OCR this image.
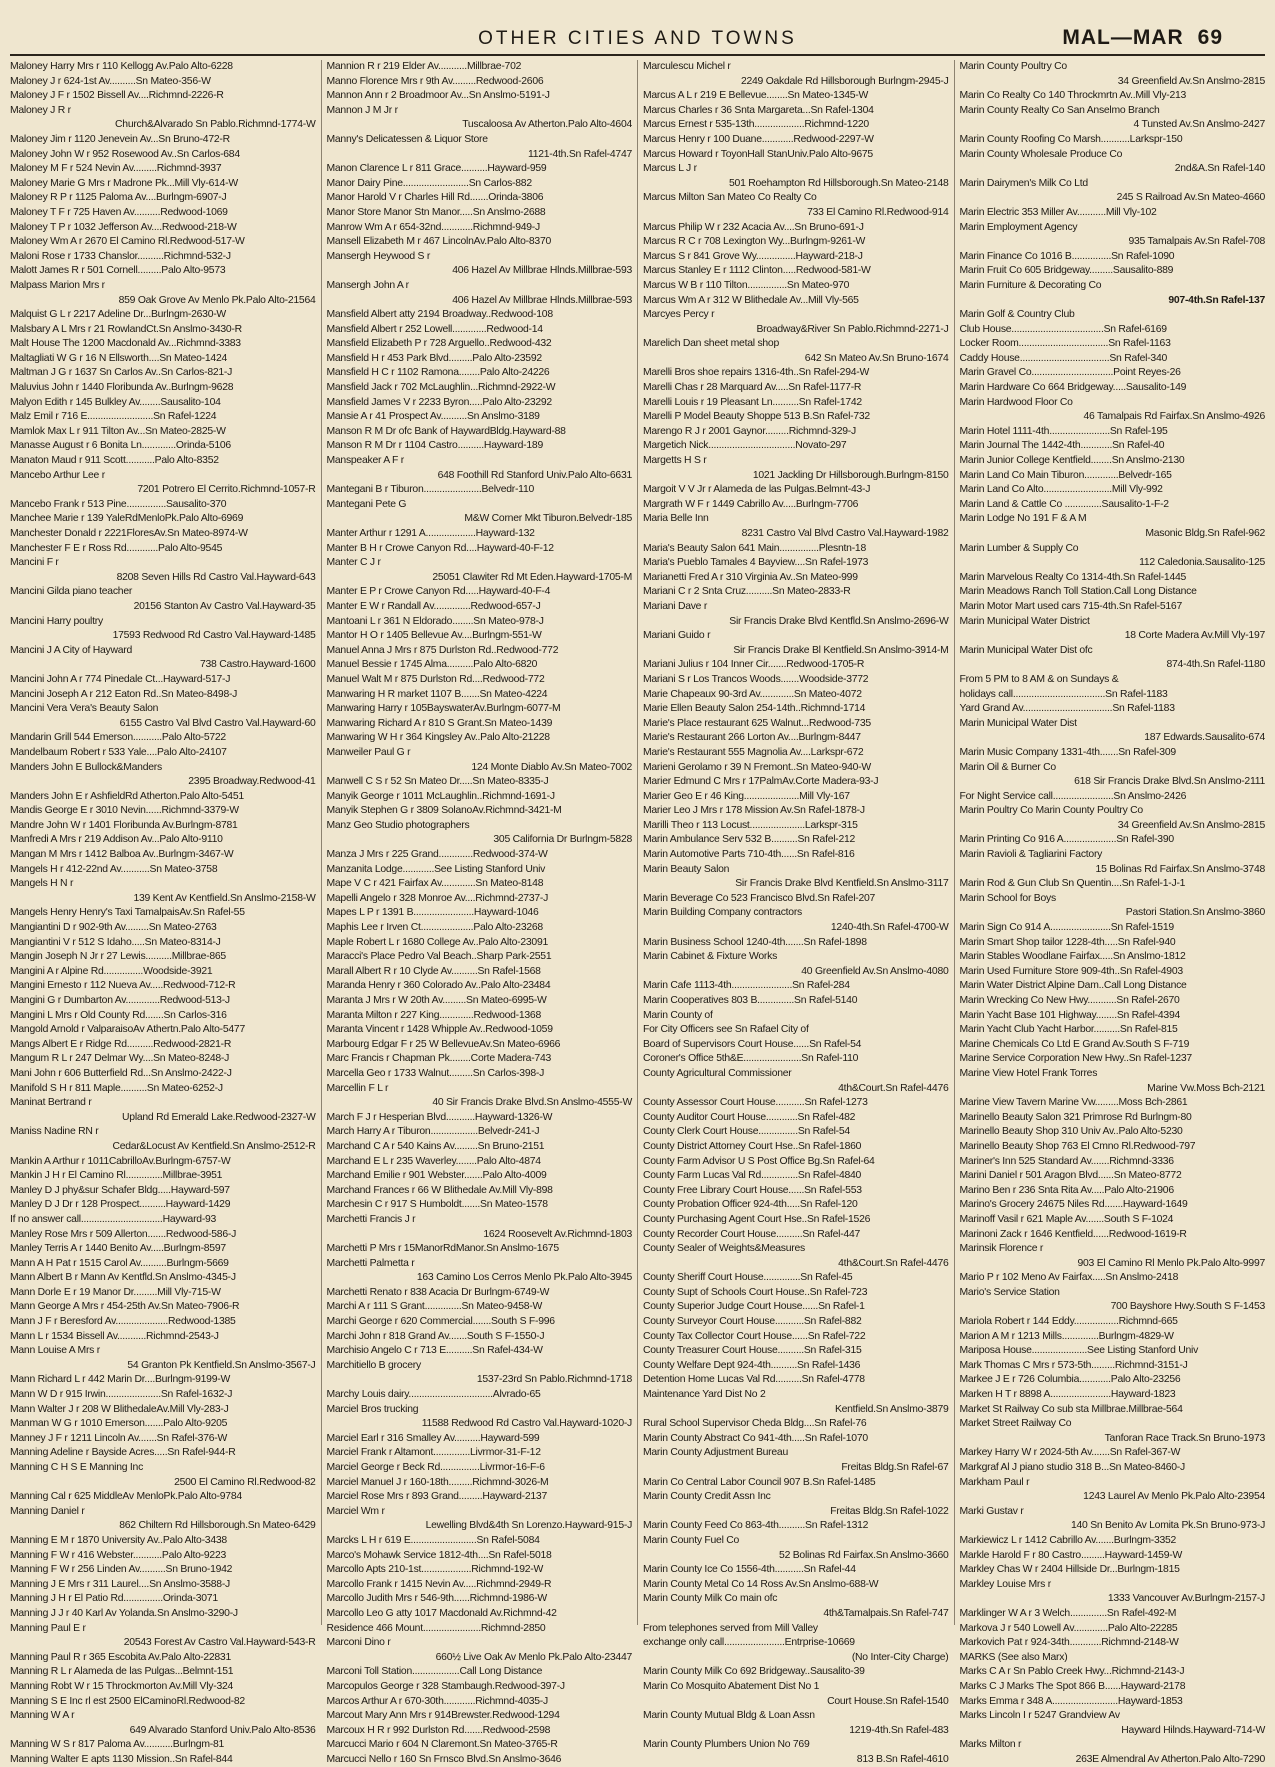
OTHER CITIES AND TOWNS	MAL—MAR 69
Maloney Harry Mrs r 110 Kellogg Av.Palo Alto-6228
Maloney J r 624-1st Av..........Sn Mateo-356-W
Maloney J F r 1502 Bissell Av....Richmnd-2226-R
Maloney J R r
Church&Alvarado Sn Pablo.Richmnd-1774-W
Maloney Jim r 1120 Jenevein Av...Sn Bruno-472-R
Maloney John W r 952 Rosewood Av..Sn Carlos-684
Maloney M F r 524 Nevin Av.........Richmnd-3937
Maloney Marie G Mrs r Madrone Pk...Mill Vly-614-W
Maloney R P r 1125 Paloma Av....Burlngm-6907-J
Maloney T F r 725 Haven Av..........Redwood-1069
Maloney T P r 1032 Jefferson Av....Redwood-218-W
Maloney Wm A r 2670 El Camino Rl.Redwood-517-W
Maloni Rose r 1733 Chanslor..........Richmnd-532-J
Malott James R r 501 Cornell.........Palo Alto-9573
Malpass Marion Mrs r
859 Oak Grove Av Menlo Pk.Palo Alto-21564
Malquist G L r 2217 Adeline Dr...Burlngm-2630-W
Malsbary A L Mrs r 21 RowlandCt.Sn Anslmo-3430-R
Malt House The 1200 Macdonald Av...Richmnd-3383
Maltagliati W G r 16 N Ellsworth....Sn Mateo-1424
Maltman J G r 1637 Sn Carlos Av..Sn Carlos-821-J
Maluvius John r 1440 Floribunda Av..Burlngm-9628
Malyon Edith r 145 Bulkley Av........Sausalito-104
Malz Emil r 716 E.........................Sn Rafel-1224
Mamlok Max L r 911 Tilton Av...Sn Mateo-2825-W
Manasse August r 6 Bonita Ln.............Orinda-5106
Manaton Maud r 911 Scott...........Palo Alto-8352
Mancebo Arthur Lee r
7201 Potrero El Cerrito.Richmnd-1057-R
Mancebo Frank r 513 Pine...............Sausalito-370
Manchee Marie r 139 YaleRdMenloPk.Palo Alto-6969
Manchester Donald r 2221FloresAv.Sn Mateo-8974-W
Manchester F E r Ross Rd............Palo Alto-9545
Mancini F r
8208 Seven Hills Rd Castro Val.Hayward-643
Mancini Gilda piano teacher
20156 Stanton Av Castro Val.Hayward-35
Mancini Harry poultry
17593 Redwood Rd Castro Val.Hayward-1485
Mancini J A City of Hayward
738 Castro.Hayward-1600
Mancini John A r 774 Pinedale Ct...Hayward-517-J
Mancini Joseph A r 212 Eaton Rd..Sn Mateo-8498-J
Mancini Vera Vera's Beauty Salon
6155 Castro Val Blvd Castro Val.Hayward-60
Mandarin Grill 544 Emerson...........Palo Alto-5722
Mandelbaum Robert r 533 Yale....Palo Alto-24107
Manders John E Bullock&Manders
2395 Broadway.Redwood-41
Manders John E r AshfieldRd Atherton.Palo Alto-5451
Mandis George E r 3010 Nevin......Richmnd-3379-W
Mandre John W r 1401 Floribunda Av.Burlngm-8781
Manfredi A Mrs r 219 Addison Av...Palo Alto-9110
Mangan M Mrs r 1412 Balboa Av..Burlngm-3467-W
Mangels H r 412-22nd Av...........Sn Mateo-3758
Mangels H N r
139 Kent Av Kentfield.Sn Anslmo-2158-W
Mangels Henry Henry's Taxi TamalpaisAv.Sn Rafel-55
Mangiantini D r 902-9th Av.........Sn Mateo-2763
Mangiantini V r 512 S Idaho.....Sn Mateo-8314-J
Mangin Joseph N Jr r 27 Lewis..........Millbrae-865
Mangini A r Alpine Rd...............Woodside-3921
Mangini Ernesto r 112 Nueva Av.....Redwood-712-R
Mangini G r Dumbarton Av.............Redwood-513-J
Mangini L Mrs r Old County Rd.......Sn Carlos-316
Mangold Arnold r ValparaisoAv Athertn.Palo Alto-5477
Mangs Albert E r Ridge Rd..........Redwood-2821-R
Mangum R L r 247 Delmar Wy....Sn Mateo-8248-J
Mani John r 606 Butterfield Rd...Sn Anslmo-2422-J
Manifold S H r 811 Maple..........Sn Mateo-6252-J
Maninat Bertrand r
Upland Rd Emerald Lake.Redwood-2327-W
Maniss Nadine RN r
Cedar&Locust Av Kentfield.Sn Anslmo-2512-R
Mankin A Arthur r 1011CabrilloAv.Burlngm-6757-W
Mankin J H r El Camino Rl..............Millbrae-3951
Manley D J phy&sur Schafer Bldg.....Hayward-597
Manley D J Dr r 128 Prospect..........Hayward-1429
If no answer call...............................Hayward-93
Manley Rose Mrs r 509 Allerton.......Redwood-586-J
Manley Terris A r 1440 Benito Av.....Burlngm-8597
Mann A H Pat r 1515 Carol Av..........Burlngm-5669
Mann Albert B r Mann Av Kentfld.Sn Anslmo-4345-J
Mann Dorle E r 19 Manor Dr.........Mill Vly-715-W
Mann George A Mrs r 454-25th Av.Sn Mateo-7906-R
Mann J F r Beresford Av....................Redwood-1385
Mann L r 1534 Bissell Av...........Richmnd-2543-J
Mann Louise A Mrs r
54 Granton Pk Kentfield.Sn Anslmo-3567-J
Mann Richard L r 442 Marin Dr....Burlngm-9199-W
Mann W D r 915 Irwin.....................Sn Rafel-1632-J
Mann Walter J r 208 W BlithedaleAv.Mill Vly-283-J
Manman W G r 1010 Emerson.......Palo Alto-9205
Manney J F r 1211 Lincoln Av.......Sn Rafel-376-W
Manning Adeline r Bayside Acres.....Sn Rafel-944-R
Manning C H S E Manning Inc
2500 El Camino Rl.Redwood-82
Manning Cal r 625 MiddleAv MenloPk.Palo Alto-9784
Manning Daniel r
862 Chiltern Rd Hillsborough.Sn Mateo-6429
Manning E M r 1870 University Av..Palo Alto-3438
Manning F W r 416 Webster...........Palo Alto-9223
Manning F W r 256 Linden Av..........Sn Bruno-1942
Manning J E Mrs r 311 Laurel....Sn Anslmo-3588-J
Manning J H r El Patio Rd...............Orinda-3071
Manning J J r 40 Karl Av Yolanda.Sn Anslmo-3290-J
Manning Paul E r
20543 Forest Av Castro Val.Hayward-543-R
Manning Paul R r 365 Escobita Av.Palo Alto-22831
Manning R L r Alameda de las Pulgas...Belmnt-151
Manning Robt W r 15 Throckmorton Av.Mill Vly-324
Manning S E Inc rl est 2500 ElCaminoRl.Redwood-82
Manning W A r
649 Alvarado Stanford Univ.Palo Alto-8536
Manning W S r 817 Paloma Av...........Burlngm-81
Manning Walter E apts 1130 Mission..Sn Rafel-844
Mannion R r 219 Elder Av...........Millbrae-702
Manno Florence Mrs r 9th Av.........Redwood-2606
Mannon Ann r 2 Broadmoor Av...Sn Anslmo-5191-J
Mannon J M Jr r
Tuscaloosa Av Atherton.Palo Alto-4604
Manny's Delicatessen & Liquor Store
1121-4th.Sn Rafel-4747
Manon Clarence L r 811 Grace..........Hayward-959
Manor Dairy Pine.........................Sn Carlos-882
Manor Harold V r Charles Hill Rd.......Orinda-3806
Manor Store Manor Stn Manor.....Sn Anslmo-2688
Manrow Wm A r 654-32nd............Richmnd-949-J
Mansell Elizabeth M r 467 LincolnAv.Palo Alto-8370
Mansergh Heywood S r
406 Hazel Av Millbrae Hlnds.Millbrae-593
Mansergh John A r
406 Hazel Av Millbrae Hlnds.Millbrae-593
Mansfield Albert atty 2194 Broadway..Redwood-108
Mansfield Albert r 252 Lowell.............Redwood-14
Mansfield Elizabeth P r 728 Arguello..Redwood-432
Mansfield H r 453 Park Blvd.........Palo Alto-23592
Mansfield H C r 1102 Ramona........Palo Alto-24226
Mansfield Jack r 702 McLaughlin...Richmnd-2922-W
Mansfield James V r 2233 Byron.....Palo Alto-23292
Mansie A r 41 Prospect Av..........Sn Anslmo-3189
Manson R M Dr ofc Bank of HaywardBldg.Hayward-88
Manson R M Dr r 1104 Castro..........Hayward-189
Manspeaker A F r
648 Foothill Rd Stanford Univ.Palo Alto-6631
Mantegani B r Tiburon......................Belvedr-110
Mantegani Pete G
M&W Corner Mkt Tiburon.Belvedr-185
Manter Arthur r 1291 A...................Hayward-132
Manter B H r Crowe Canyon Rd....Hayward-40-F-12
Manter C J r
25051 Clawiter Rd Mt Eden.Hayward-1705-M
Manter E P r Crowe Canyon Rd.....Hayward-40-F-4
Manter E W r Randall Av..............Redwood-657-J
Mantoani L r 361 N Eldorado........Sn Mateo-978-J
Mantor H O r 1405 Bellevue Av....Burlngm-551-W
Manuel Anna J Mrs r 875 Durlston Rd..Redwood-772
Manuel Bessie r 1745 Alma..........Palo Alto-6820
Manuel Walt M r 875 Durlston Rd....Redwood-772
Manwaring H R market 1107 B.......Sn Mateo-4224
Manwaring Harry r 105BayswaterAv.Burlngm-6077-M
Manwaring Richard A r 810 S Grant.Sn Mateo-1439
Manwaring W H r 364 Kingsley Av..Palo Alto-21228
Manweiler Paul G r
124 Monte Diablo Av.Sn Mateo-7002
Manwell C S r 52 Sn Mateo Dr.....Sn Mateo-8335-J
Manyik George r 1011 McLaughlin..Richmnd-1691-J
Manyik Stephen G r 3809 SolanoAv.Richmnd-3421-M
Manz Geo Studio photographers
305 California Dr Burlngm-5828
Manza J Mrs r 225 Grand.............Redwood-374-W
Manzanita Lodge............See Listing Stanford Univ
Mape V C r 421 Fairfax Av.............Sn Mateo-8148
Mapelli Angelo r 328 Monroe Av....Richmnd-2737-J
Mapes L P r 1391 B.......................Hayward-1046
Maphis Lee r Irven Ct....................Palo Alto-23268
Maple Robert L r 1680 College Av..Palo Alto-23091
Maracci's Place Pedro Val Beach..Sharp Park-2551
Marall Albert R r 10 Clyde Av..........Sn Rafel-1568
Maranda Henry r 360 Colorado Av..Palo Alto-23484
Maranta J Mrs r W 20th Av.........Sn Mateo-6995-W
Maranta Milton r 227 King.............Redwood-1368
Maranta Vincent r 1428 Whipple Av..Redwood-1059
Marbourg Edgar F r 25 W BellevueAv.Sn Mateo-6966
Marc Francis r Chapman Pk........Corte Madera-743
Marcella Geo r 1733 Walnut.........Sn Carlos-398-J
Marcellin F L r
40 Sir Francis Drake Blvd.Sn Anslmo-4555-W
March F J r Hesperian Blvd...........Hayward-1326-W
March Harry A r Tiburon..................Belvedr-241-J
Marchand C A r 540 Kains Av.........Sn Bruno-2151
Marchand E L r 235 Waverley........Palo Alto-4874
Marchand Emilie r 901 Webster.......Palo Alto-4009
Marchand Frances r 66 W Blithedale Av.Mill Vly-898
Marchesin C r 917 S Humboldt.......Sn Mateo-1578
Marchetti Francis J r
1624 Roosevelt Av.Richmnd-1803
Marchetti P Mrs r 15ManorRdManor.Sn Anslmo-1675
Marchetti Palmetta r
163 Camino Los Cerros Menlo Pk.Palo Alto-3945
Marchetti Renato r 838 Acacia Dr Burlngm-6749-W
Marchi A r 111 S Grant..............Sn Mateo-9458-W
Marchi George r 620 Commercial.......South S F-996
Marchi John r 818 Grand Av.......South S F-1550-J
Marchisio Angelo C r 713 E..........Sn Rafel-434-W
Marchitiello B grocery
1537-23rd Sn Pablo.Richmnd-1718
Marchy Louis dairy................................Alvrado-65
Marciel Bros trucking
11588 Redwood Rd Castro Val.Hayward-1020-J
Marciel Earl r 316 Smalley Av..........Hayward-599
Marciel Frank r Altamont..............Livrmor-31-F-12
Marciel George r Beck Rd...............Livrmor-16-F-6
Marciel Manuel J r 160-18th.........Richmnd-3026-M
Marciel Rose Mrs r 893 Grand.........Hayward-2137
Marciel Wm r
Lewelling Blvd&4th Sn Lorenzo.Hayward-915-J
Marcks L H r 619 E.........................Sn Rafel-5084
Marco's Mohawk Service 1812-4th....Sn Rafel-5018
Marcollo Apts 210-1st...................Richmnd-192-W
Marcollo Frank r 1415 Nevin Av.....Richmnd-2949-R
Marcollo Judith Mrs r 546-9th......Richmnd-1986-W
Marcollo Leo G atty 1017 Macdonald Av.Richmnd-42
Residence 466 Mount......................Richmnd-2850
Marconi Dino r
660½ Live Oak Av Menlo Pk.Palo Alto-23447
Marconi Toll Station..................Call Long Distance
Marcopulos George r 328 Stambaugh.Redwood-397-J
Marcos Arthur A r 670-30th............Richmnd-4035-J
Marcout Mary Ann Mrs r 914Brewster.Redwood-1294
Marcoux H R r 992 Durlston Rd.......Redwood-2598
Marcucci Mario r 604 N Claremont.Sn Mateo-3765-R
Marcucci Nello r 160 Sn Frnsco Blvd.Sn Anslmo-3646
Marculescu Michel r
2249 Oakdale Rd Hillsborough Burlngm-2945-J
Marcus A L r 219 E Bellevue........Sn Mateo-1345-W
Marcus Charles r 36 Snta Margareta...Sn Rafel-1304
Marcus Ernest r 535-13th...................Richmnd-1220
Marcus Henry r 100 Duane............Redwood-2297-W
Marcus Howard r ToyonHall StanUniv.Palo Alto-9675
Marcus L J r
501 Roehampton Rd Hillsborough.Sn Mateo-2148
Marcus Milton San Mateo Co Realty Co
733 El Camino Rl.Redwood-914
Marcus Philip W r 232 Acacia Av....Sn Bruno-691-J
Marcus R C r 708 Lexington Wy...Burlngm-9261-W
Marcus S r 841 Grove Wy...............Hayward-218-J
Marcus Stanley E r 1112 Clinton.....Redwood-581-W
Marcus W B r 110 Tilton...............Sn Mateo-970
Marcus Wm A r 312 W Blithedale Av...Mill Vly-565
Marcyes Percy r
Broadway&River Sn Pablo.Richmnd-2271-J
Marelich Dan sheet metal shop
642 Sn Mateo Av.Sn Bruno-1674
Marelli Bros shoe repairs 1316-4th..Sn Rafel-294-W
Marelli Chas r 28 Marquard Av.....Sn Rafel-1177-R
Marelli Louis r 19 Pleasant Ln..........Sn Rafel-1742
Marelli P Model Beauty Shoppe 513 B.Sn Rafel-732
Marengo R J r 2001 Gaynor.........Richmnd-329-J
Margetich Nick.................................Novato-297
Margetts H S r
1021 Jackling Dr Hillsborough.Burlngm-8150
Margoit V V Jr r Alameda de las Pulgas.Belmnt-43-J
Margrath W F r 1449 Cabrillo Av.....Burlngm-7706
Maria Belle Inn
8231 Castro Val Blvd Castro Val.Hayward-1982
Maria's Beauty Salon 641 Main...............Plesntn-18
Maria's Pueblo Tamales 4 Bayview....Sn Rafel-1973
Marianetti Fred A r 310 Virginia Av..Sn Mateo-999
Mariani C r 2 Snta Cruz..........Sn Mateo-2833-R
Mariani Dave r
Sir Francis Drake Blvd Kentfld.Sn Anslmo-2696-W
Mariani Guido r
Sir Francis Drake Bl Kentfield.Sn Anslmo-3914-M
Mariani Julius r 104 Inner Cir.......Redwood-1705-R
Mariani S r Los Trancos Woods.......Woodside-3772
Marie Chapeaux 90-3rd Av.............Sn Mateo-4072
Marie Ellen Beauty Salon 254-14th..Richmnd-1714
Marie's Place restaurant 625 Walnut...Redwood-735
Marie's Restaurant 266 Lorton Av....Burlngm-8447
Marie's Restaurant 555 Magnolia Av....Larkspr-672
Marieni Gerolamo r 39 N Fremont..Sn Mateo-940-W
Marier Edmund C Mrs r 17PalmAv.Corte Madera-93-J
Marier Geo E r 46 King.....................Mill Vly-167
Marier Leo J Mrs r 178 Mission Av.Sn Rafel-1878-J
Marilli Theo r 113 Locust.....................Larkspr-315
Marin Ambulance Serv 532 B..........Sn Rafel-212
Marin Automotive Parts 710-4th......Sn Rafel-816
Marin Beauty Salon
Sir Francis Drake Blvd Kentfield.Sn Anslmo-3117
Marin Beverage Co 523 Francisco Blvd.Sn Rafel-207
Marin Building Company contractors
1240-4th.Sn Rafel-4700-W
Marin Business School 1240-4th.......Sn Rafel-1898
Marin Cabinet & Fixture Works
40 Greenfield Av.Sn Anslmo-4080
Marin Cafe 1113-4th.......................Sn Rafel-284
Marin Cooperatives 803 B..............Sn Rafel-5140
Marin County of
For City Officers see Sn Rafael City of
Board of Supervisors Court House......Sn Rafel-54
Coroner's Office 5th&E......................Sn Rafel-110
County Agricultural Commissioner
4th&Court.Sn Rafel-4476
County Assessor Court House...........Sn Rafel-1273
County Auditor Court House............Sn Rafel-482
County Clerk Court House...............Sn Rafel-54
County District Attorney Court Hse..Sn Rafel-1860
County Farm Advisor U S Post Office Bg.Sn Rafel-64
County Farm Lucas Val Rd..............Sn Rafel-4840
County Free Library Court House......Sn Rafel-553
County Probation Officer 924-4th.....Sn Rafel-120
County Purchasing Agent Court Hse..Sn Rafel-1526
County Recorder Court House..........Sn Rafel-447
County Sealer of Weights&Measures
4th&Court.Sn Rafel-4476
County Sheriff Court House..............Sn Rafel-45
County Supt of Schools Court House..Sn Rafel-723
County Superior Judge Court House......Sn Rafel-1
County Surveyor Court House...........Sn Rafel-882
County Tax Collector Court House......Sn Rafel-722
County Treasurer Court House..........Sn Rafel-315
County Welfare Dept 924-4th..........Sn Rafel-1436
Detention Home Lucas Val Rd..........Sn Rafel-4778
Maintenance Yard Dist No 2
Kentfield.Sn Anslmo-3879
Rural School Supervisor Cheda Bldg....Sn Rafel-76
Marin County Abstract Co 941-4th.....Sn Rafel-1070
Marin County Adjustment Bureau
Freitas Bldg.Sn Rafel-67
Marin Co Central Labor Council 907 B.Sn Rafel-1485
Marin County Credit Assn Inc
Freitas Bldg.Sn Rafel-1022
Marin County Feed Co 863-4th..........Sn Rafel-1312
Marin County Fuel Co
52 Bolinas Rd Fairfax.Sn Anslmo-3660
Marin County Ice Co 1556-4th...........Sn Rafel-44
Marin County Metal Co 14 Ross Av.Sn Anslmo-688-W
Marin County Milk Co main ofc
4th&Tamalpais.Sn Rafel-747
From telephones served from Mill Valley
exchange only call.......................Entrprise-10669
(No Inter-City Charge)
Marin County Milk Co 692 Bridgeway..Sausalito-39
Marin Co Mosquito Abatement Dist No 1
Court House.Sn Rafel-1540
Marin County Mutual Bldg & Loan Assn
1219-4th.Sn Rafel-483
Marin County Plumbers Union No 769
813 B.Sn Rafel-4610
Marin County Poultry Co
34 Greenfield Av.Sn Anslmo-2815
Marin Co Realty Co 140 Throckmrtn Av..Mill Vly-213
Marin County Realty Co San Anselmo Branch
4 Tunsted Av.Sn Anslmo-2427
Marin County Roofing Co Marsh...........Larkspr-150
Marin County Wholesale Produce Co
2nd&A.Sn Rafel-140
Marin Dairymen's Milk Co Ltd
245 S Railroad Av.Sn Mateo-4660
Marin Electric 353 Miller Av...........Mill Vly-102
Marin Employment Agency
935 Tamalpais Av.Sn Rafel-708
Marin Finance Co 1016 B...............Sn Rafel-1090
Marin Fruit Co 605 Bridgeway.........Sausalito-889
Marin Furniture & Decorating Co
907-4th.Sn Rafel-137
Marin Golf & Country Club
Club House...................................Sn Rafel-6169
Locker Room..................................Sn Rafel-1163
Caddy House..................................Sn Rafel-340
Marin Gravel Co...............................Point Reyes-26
Marin Hardware Co 664 Bridgeway.....Sausalito-149
Marin Hardwood Floor Co
46 Tamalpais Rd Fairfax.Sn Anslmo-4926
Marin Hotel 1111-4th.......................Sn Rafel-195
Marin Journal The 1442-4th............Sn Rafel-40
Marin Junior College Kentfield........Sn Anslmo-2130
Marin Land Co Main Tiburon.............Belvedr-165
Marin Land Co Alto..........................Mill Vly-992
Marin Land & Cattle Co ..............Sausalito-1-F-2
Marin Lodge No 191 F & A M
Masonic Bldg.Sn Rafel-962
Marin Lumber & Supply Co
112 Caledonia.Sausalito-125
Marin Marvelous Realty Co 1314-4th.Sn Rafel-1445
Marin Meadows Ranch Toll Station.Call Long Distance
Marin Motor Mart used cars 715-4th.Sn Rafel-5167
Marin Municipal Water District
18 Corte Madera Av.Mill Vly-197
Marin Municipal Water Dist ofc
874-4th.Sn Rafel-1180
From 5 PM to 8 AM & on Sundays &
holidays call...................................Sn Rafel-1183
Yard Grand Av..................................Sn Rafel-1183
Marin Municipal Water Dist
187 Edwards.Sausalito-674
Marin Music Company 1331-4th.......Sn Rafel-309
Marin Oil & Burner Co
618 Sir Francis Drake Blvd.Sn Anslmo-2111
For Night Service call.......................Sn Anslmo-2426
Marin Poultry Co Marin County Poultry Co
34 Greenfield Av.Sn Anslmo-2815
Marin Printing Co 916 A....................Sn Rafel-390
Marin Ravioli & Tagliarini Factory
15 Bolinas Rd Fairfax.Sn Anslmo-3748
Marin Rod & Gun Club Sn Quentin....Sn Rafel-1-J-1
Marin School for Boys
Pastori Station.Sn Anslmo-3860
Marin Sign Co 914 A.......................Sn Rafel-1519
Marin Smart Shop tailor 1228-4th.....Sn Rafel-940
Marin Stables Woodlane Fairfax.....Sn Anslmo-1812
Marin Used Furniture Store 909-4th..Sn Rafel-4903
Marin Water District Alpine Dam..Call Long Distance
Marin Wrecking Co New Hwy...........Sn Rafel-2670
Marin Yacht Base 101 Highway........Sn Rafel-4394
Marin Yacht Club Yacht Harbor..........Sn Rafel-815
Marine Chemicals Co Ltd E Grand Av.South S F-719
Marine Service Corporation New Hwy..Sn Rafel-1237
Marine View Hotel Frank Torres
Marine Vw.Moss Bch-2121
Marine View Tavern Marine Vw.........Moss Bch-2861
Marinello Beauty Salon 321 Primrose Rd Burlngm-80
Marinello Beauty Shop 310 Univ Av..Palo Alto-5230
Marinello Beauty Shop 763 El Cmno Rl.Redwood-797
Mariner's Inn 525 Standard Av.......Richmnd-3336
Marini Daniel r 501 Aragon Blvd......Sn Mateo-8772
Marino Ben r 236 Snta Rita Av.....Palo Alto-21906
Marino's Grocery 24675 Niles Rd.......Hayward-1649
Marinoff Vasil r 621 Maple Av.......South S F-1024
Marinoni Zack r 1646 Kentfield......Redwood-1619-R
Marinsik Florence r
903 El Camino Rl Menlo Pk.Palo Alto-9997
Mario P r 102 Meno Av Fairfax.....Sn Anslmo-2418
Mario's Service Station
700 Bayshore Hwy.South S F-1453
Mariola Robert r 144 Eddy.................Richmnd-665
Marion A M r 1213 Mills..............Burlngm-4829-W
Mariposa House.....................See Listing Stanford Univ
Mark Thomas C Mrs r 573-5th.........Richmnd-3151-J
Markee J E r 726 Columbia............Palo Alto-23256
Marken H T r 8898 A.......................Hayward-1823
Market St Railway Co sub sta Millbrae.Millbrae-564
Market Street Railway Co
Tanforan Race Track.Sn Bruno-1973
Markey Harry W r 2024-5th Av.......Sn Rafel-367-W
Markgraf Al J piano studio 318 B...Sn Mateo-8460-J
Markham Paul r
1243 Laurel Av Menlo Pk.Palo Alto-23954
Marki Gustav r
140 Sn Benito Av Lomita Pk.Sn Bruno-973-J
Markiewicz L r 1412 Cabrillo Av.......Burlngm-3352
Markle Harold F r 80 Castro.........Hayward-1459-W
Markley Chas W r 2404 Hillside Dr...Burlngm-1815
Markley Louise Mrs r
1333 Vancouver Av.Burlngm-2157-J
Marklinger W A r 3 Welch..............Sn Rafel-492-M
Markova J r 540 Lowell Av.............Palo Alto-22285
Markovich Pat r 924-34th............Richmnd-2148-W
MARKS (See also Marx)
Marks C A r Sn Pablo Creek Hwy...Richmnd-2143-J
Marks C J Marks The Spot 866 B......Hayward-2178
Marks Emma r 348 A.........................Hayward-1853
Marks Lincoln I r 5247 Grandview Av
Hayward Hilnds.Hayward-714-W
Marks Milton r
263E Almendral Av Atherton.Palo Alto-7290
